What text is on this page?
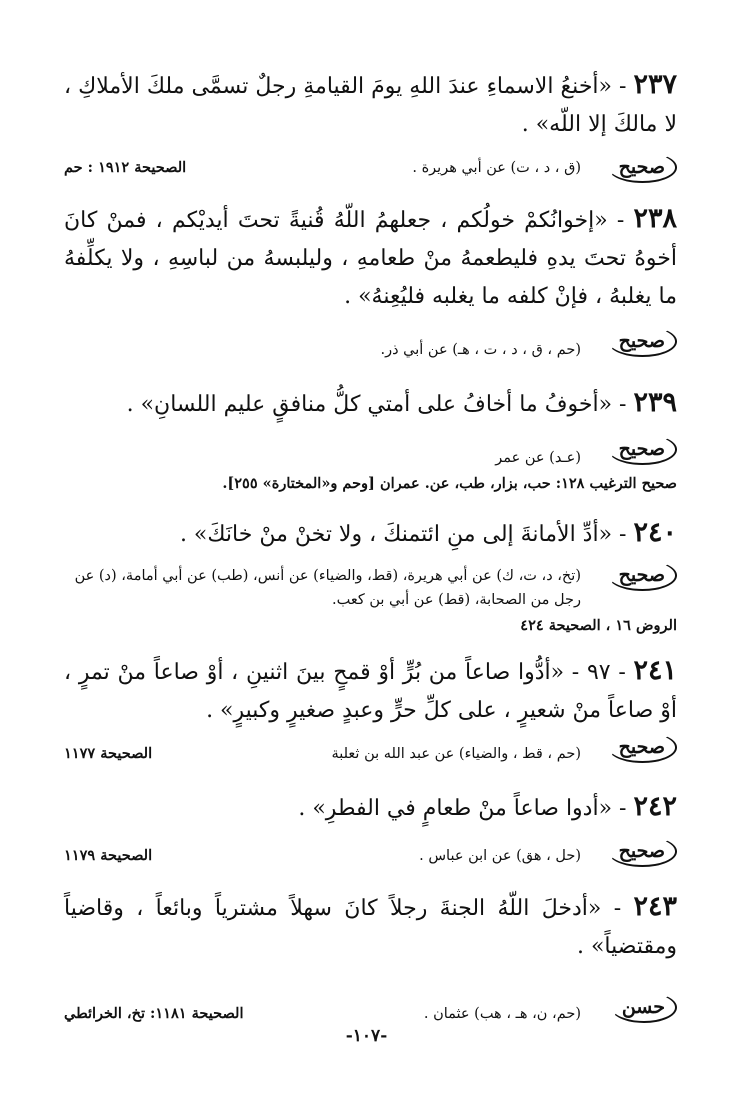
٢٣٧ - «أخنعُ الاسماءِ عندَ اللهِ يومَ القيامةِ رجلٌ تسمَّى ملكَ الأملاكِ ، لا مالكَ إلا اللّه» .

صحيح
(ق ، د ، ت) عن أبي هريرة .
الصحيحة ١٩١٢ : حم

٢٣٨ - «إخوانُكمْ خولُكم ، جعلهمُ اللّهُ قُنيةً تحتَ أيديْكم ، فمنْ كانَ أخوهُ تحتَ يدهِ فليطعمهُ منْ طعامهِ ، وليلبسهُ من لباسِهِ ، ولا يكلِّفهُ ما يغلبهُ ، فإنْ كلفه ما يغلبه فليُعِنهُ» .

صحيح
(حم ، ق ، د ، ت ، هـ) عن أبي ذر.

٢٣٩ - «أخوفُ ما أخافُ على أمتي كلُّ منافقٍ عليم اللسانِ» .

صحيح
(عـد) عن عمر
صحيح الترغيب ١٢٨: حب، بزار، طب، عن. عمران [وحم و«المختارة» ٢٥٥].

٢٤٠ - «أدِّ الأمانةَ إلى منِ ائتمنكَ ، ولا تخنْ منْ خانَكَ» .

صحيح
(تخ، د، ت، ك) عن أبي هريرة، (قط، والضياء) عن أنس، (طب) عن أبي أمامة، (د) عن رجل من الصحابة، (قط) عن أبي بن كعب.
الروض ١٦ ، الصحيحة ٤٢٤

٢٤١ - ٩٧ - «أدُّوا صاعاً من بُرٍّ أوْ قمحٍ بينَ اثنينِ ، أوْ صاعاً منْ تمرٍ ، أوْ صاعاً منْ شعيرٍ ، على كلِّ حرٍّ وعبدٍ صغيرٍ وكبيرٍ» .

صحيح
(حم ، قط ، والضياء) عن عبد الله بن ثعلبة
الصحيحة ١١٧٧

٢٤٢ - «أدوا صاعاً منْ طعامٍ في الفطرِ» .

صحيح
(حل ، هق) عن ابن عباس .
الصحيحة ١١٧٩

٢٤٣ - «أدخلَ اللّهُ الجنةَ رجلاً كانَ سهلاً مشترياً وبائعاً ، وقاضياً ومقتضياً» .

حسن
(حم، ن، هـ ، هب) عثمان .
الصحيحة ١١٨١: تخ، الخرائطي
-١٠٧-
